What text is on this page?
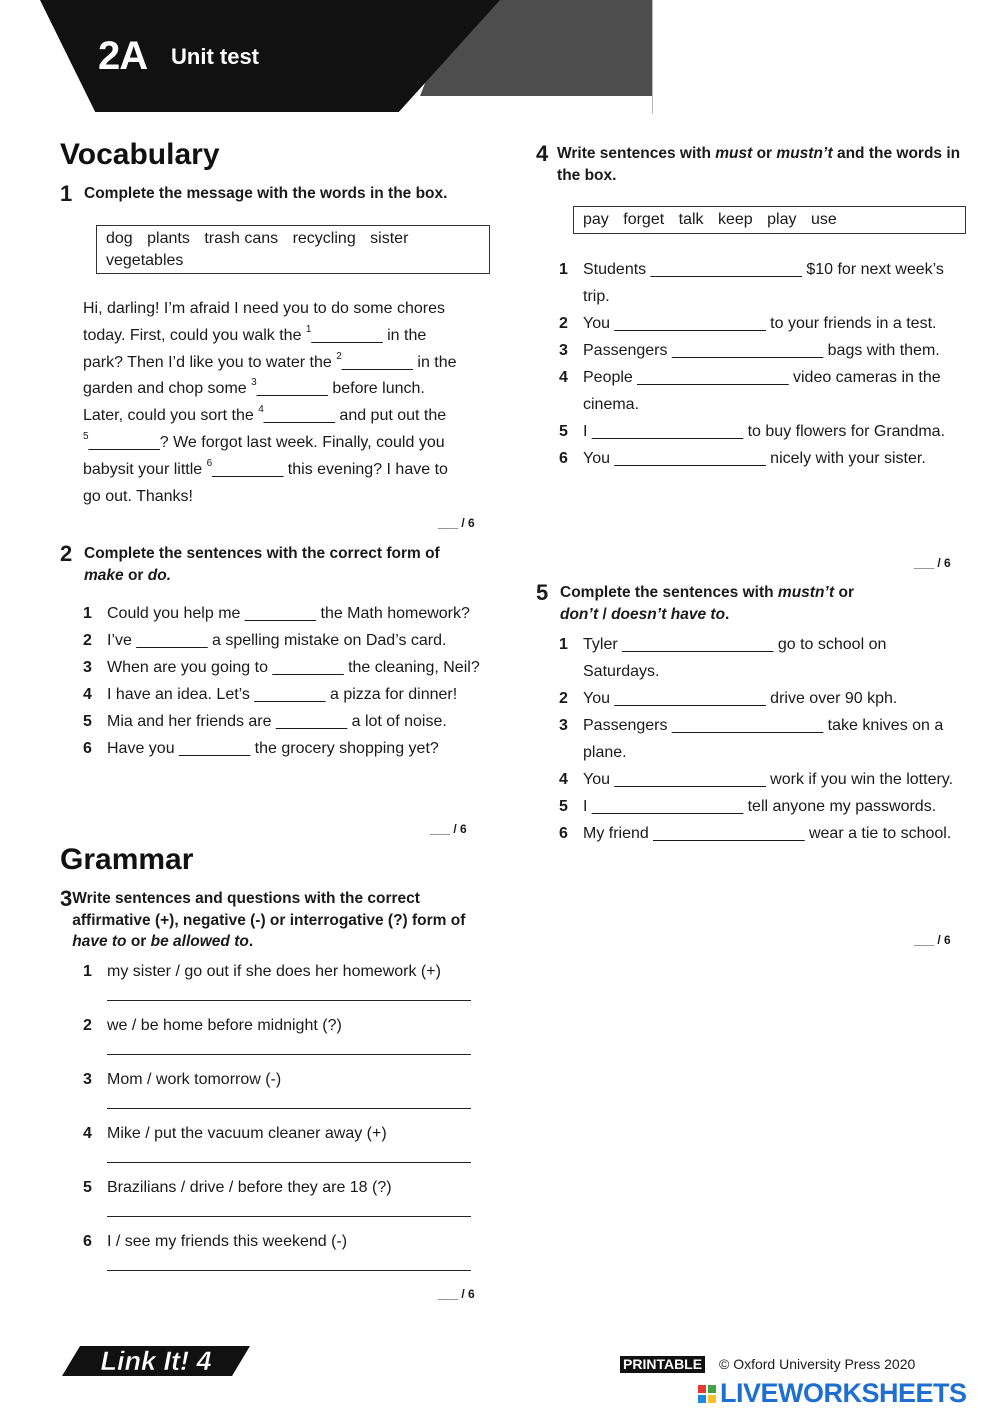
2A Unit test
Vocabulary
1 Complete the message with the words in the box.
dog plants trash cans recycling sister vegetables
Hi, darling! I’m afraid I need you to do some chores
today. First, could you walk the $^1$________ in the
park? Then I’d like you to water the $^2$________ in the
garden and chop some $^3$________ before lunch.
Later, could you sort the $^4$________ and put out the
$^5$________? We forgot last week. Finally, could you
babysit your little $^6$________ this evening? I have to
go out. Thanks!
___ / 6
2 Complete the sentences with the correct form of
make or do.
1 Could you help me ________ the Math homework?
2 I’ve ________ a spelling mistake on Dad’s card.
3 When are you going to ________ the cleaning, Neil?
4 I have an idea. Let’s ________ a pizza for dinner!
5 Mia and her friends are ________ a lot of noise.
6 Have you ________ the grocery shopping yet?
___ / 6
Grammar
3 Write sentences and questions with the correct affirmative (+), negative (-) or interrogative (?) form of have to or be allowed to.
1 my sister / go out if she does her homework (+)
2 we / be home before midnight (?)
3 Mom / work tomorrow (-)
4 Mike / put the vacuum cleaner away (+)
5 Brazilians / drive / before they are 18 (?)
6 I / see my friends this weekend (-)
___ / 6
4 Write sentences with must or mustn’t and the words in the box.
pay forget talk keep play use
1 Students _________________ $10 for next week’s trip.
2 You _________________ to your friends in a test.
3 Passengers _________________ bags with them.
4 People _________________ video cameras in the cinema.
5 I _________________ to buy flowers for Grandma.
6 You _________________ nicely with your sister.
___ / 6
5 Complete the sentences with mustn’t or
don’t / doesn’t have to.
1 Tyler _________________ go to school on Saturdays.
2 You _________________ drive over 90 kph.
3 Passengers _________________ take knives on a plane.
4 You _________________ work if you win the lottery.
5 I _________________ tell anyone my passwords.
6 My friend _________________ wear a tie to school.
___ / 6
Link It! 4	PRINTABLE © Oxford University Press 2020
LIVEWORKSHEETS
